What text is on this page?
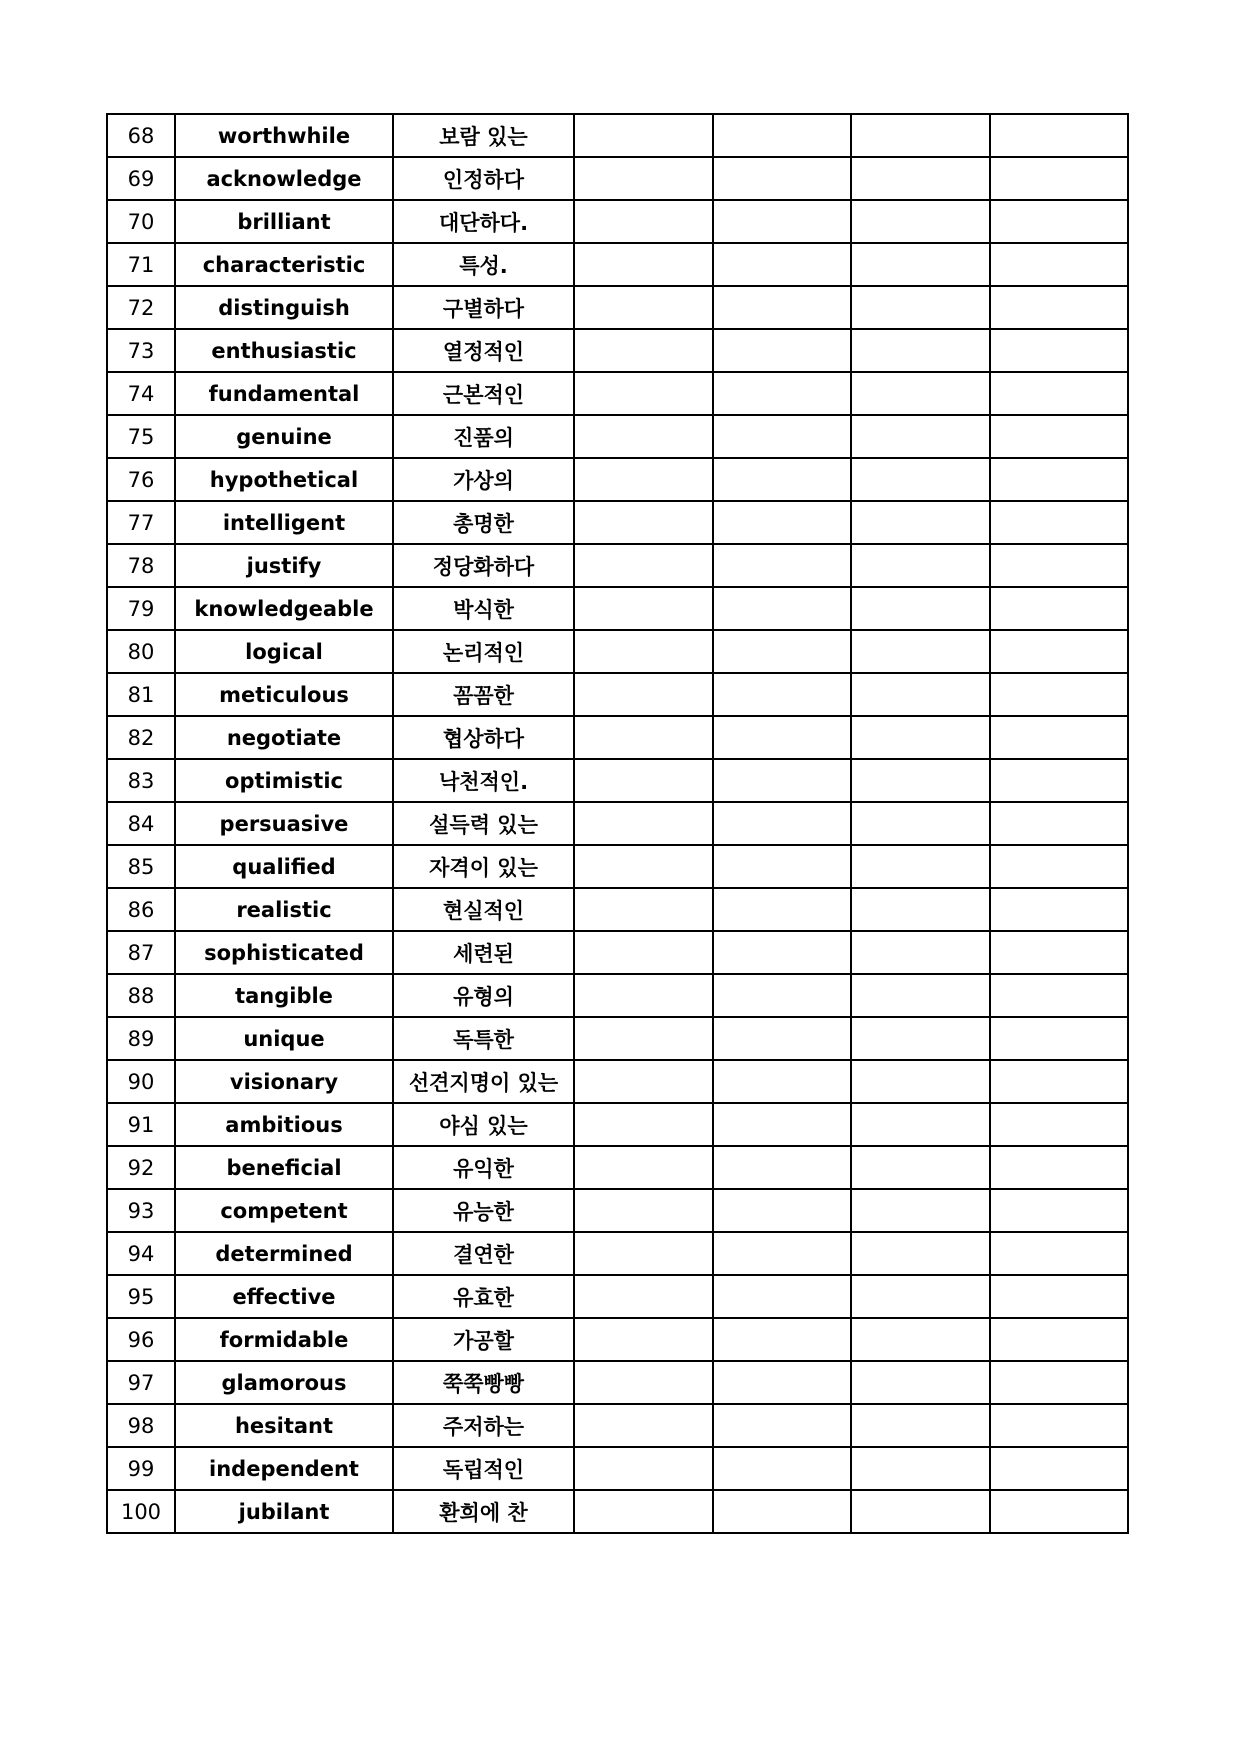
68	worthwhile	보람 있는				
69	acknowledge	인정하다				
70	brilliant	대단하다.				
71	characteristic	특성.				
72	distinguish	구별하다				
73	enthusiastic	열정적인				
74	fundamental	근본적인				
75	genuine	진품의				
76	hypothetical	가상의				
77	intelligent	총명한				
78	justify	정당화하다				
79	knowledgeable	박식한				
80	logical	논리적인				
81	meticulous	꼼꼼한				
82	negotiate	협상하다				
83	optimistic	낙천적인.				
84	persuasive	설득력 있는				
85	qualified	자격이 있는				
86	realistic	현실적인				
87	sophisticated	세련된				
88	tangible	유형의				
89	unique	독특한				
90	visionary	선견지명이 있는				
91	ambitious	야심 있는				
92	beneficial	유익한				
93	competent	유능한				
94	determined	결연한				
95	effective	유효한				
96	formidable	가공할				
97	glamorous	쭉쭉빵빵				
98	hesitant	주저하는				
99	independent	독립적인				
100	jubilant	환희에 찬				
